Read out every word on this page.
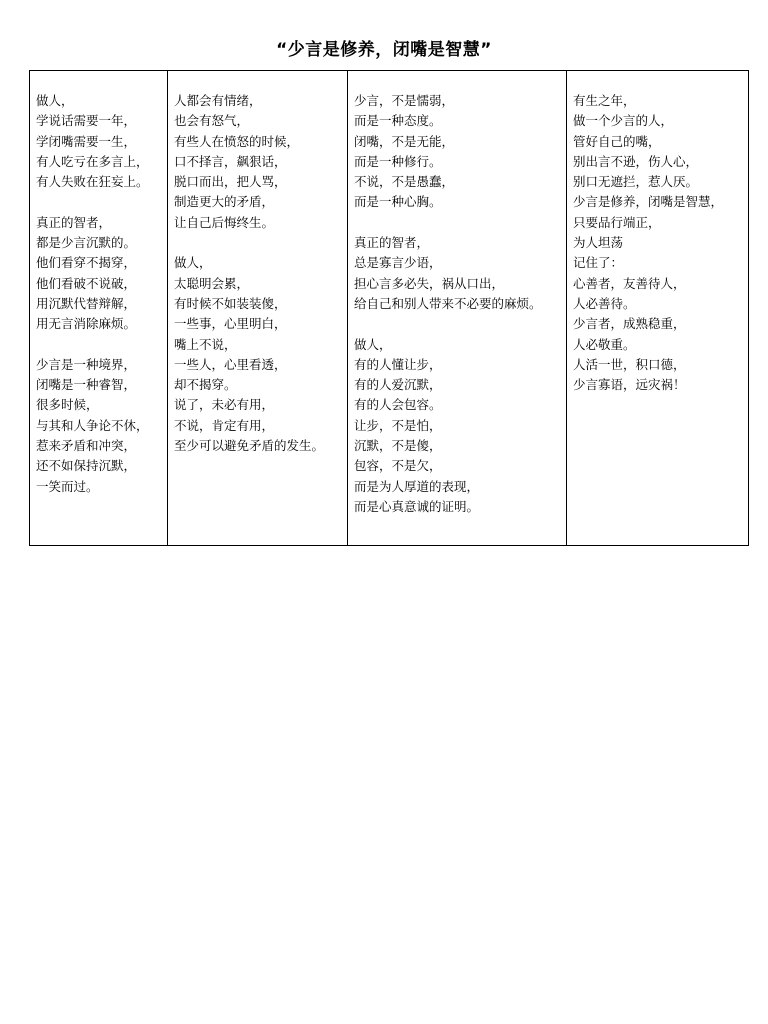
“少言是修养，闭嘴是智慧”
做人，
学说话需要一年，
学闭嘴需要一生，
有人吃亏在多言上，
有人失败在狂妄上。
真正的智者，
都是少言沉默的。
他们看穿不揭穿，
他们看破不说破，
用沉默代替辩解，
用无言消除麻烦。
少言是一种境界，
闭嘴是一种睿智，
很多时候，
与其和人争论不休，
惹来矛盾和冲突，
还不如保持沉默，
一笑而过。

人都会有情绪，
也会有怒气，
有些人在愤怒的时候，
口不择言，飙狠话，
脱口而出，把人骂，
制造更大的矛盾，
让自己后悔终生。
做人，
太聪明会累，
有时候不如装装傻，
一些事，心里明白，
嘴上不说，
一些人，心里看透，
却不揭穿。
说了，未必有用，
不说，肯定有用，
至少可以避免矛盾的发生。

少言，不是懦弱，
而是一种态度。
闭嘴，不是无能，
而是一种修行。
不说，不是愚蠢，
而是一种心胸。
真正的智者，
总是寡言少语，
担心言多必失，祸从口出，
给自己和别人带来不必要的麻烦。
做人，
有的人懂让步，
有的人爱沉默，
有的人会包容。
让步，不是怕，
沉默，不是傻，
包容，不是欠，
而是为人厚道的表现，
而是心真意诚的证明。

有生之年，
做一个少言的人，
管好自己的嘴，
别出言不逊，伤人心，
别口无遮拦，惹人厌。
少言是修养，闭嘴是智慧，
只要品行端正，
为人坦荡
记住了：
心善者，友善待人，
人必善待。
少言者，成熟稳重，
人必敬重。
人活一世，积口德，
少言寡语，远灾祸！
